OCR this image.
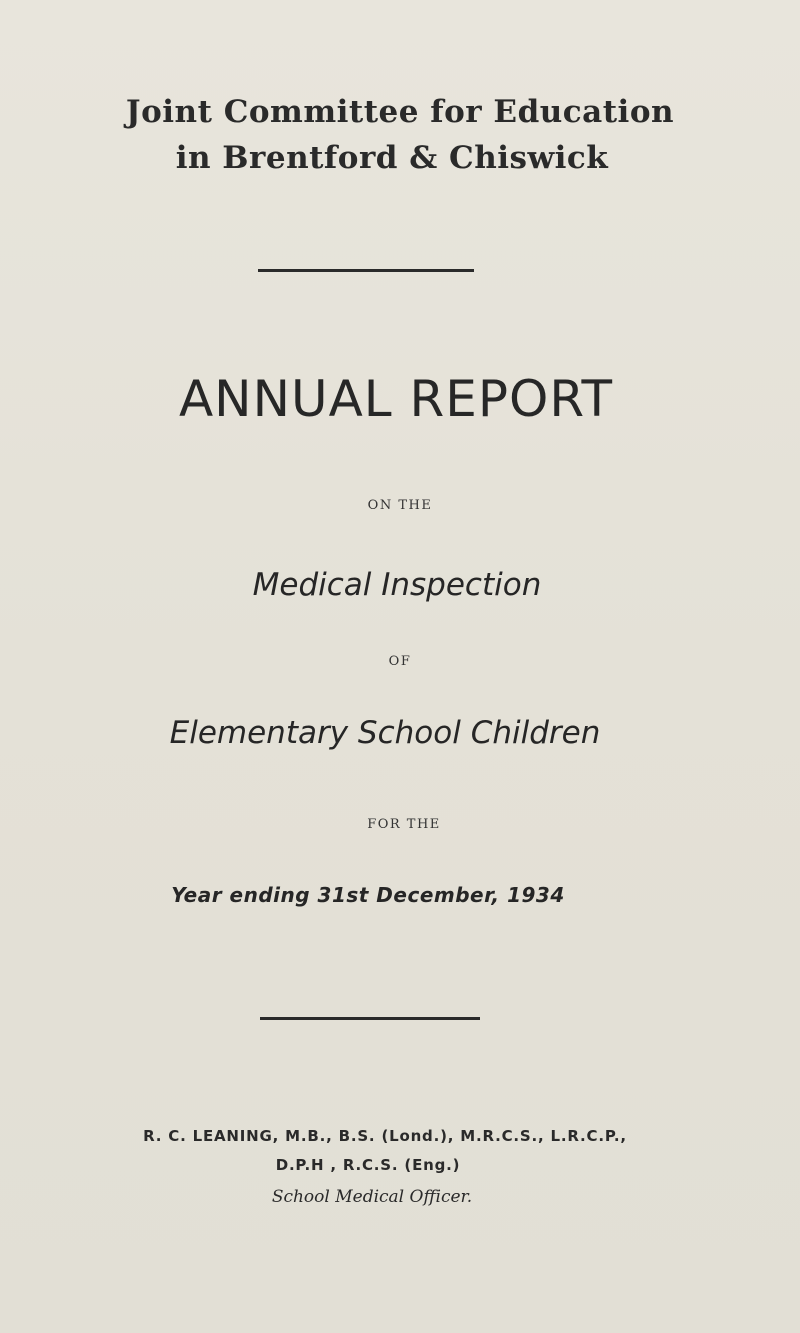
Joint Committee for Education
in Brentford & Chiswick
ANNUAL REPORT
ON THE
Medical Inspection
OF
Elementary School Children
FOR THE
Year ending 31st December, 1934
R. C. LEANING, M.B., B.S. (Lond.), M.R.C.S., L.R.C.P.,
D.P.H , R.C.S. (Eng.)
School Medical Officer.
